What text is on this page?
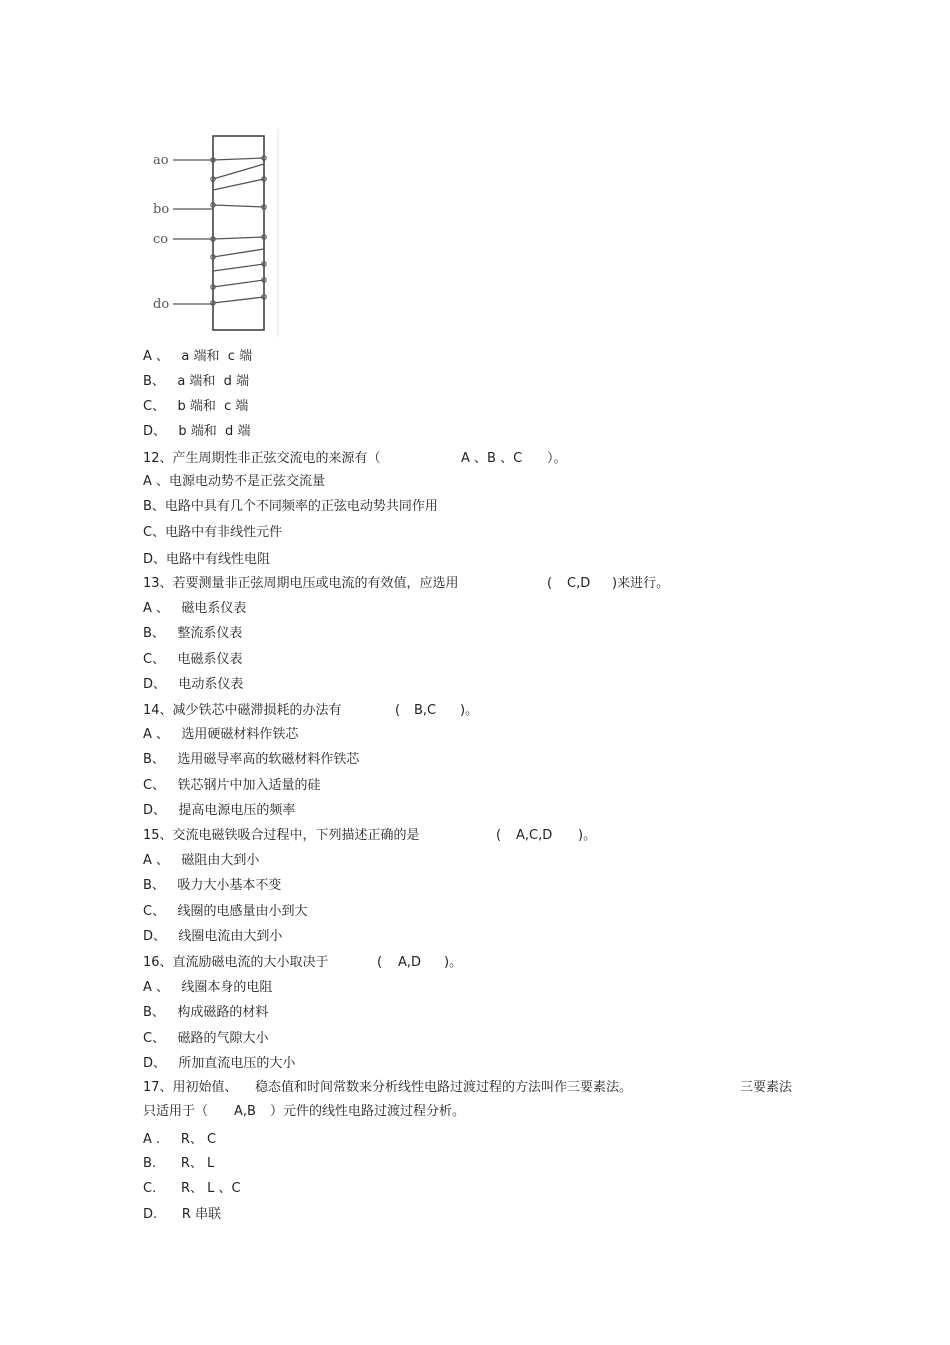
ao
bo
co
do
A 、   a 端和  c 端
B、   a 端和  d 端
C、   b 端和  c 端
D、   b 端和  d 端
12、产生周期性非正弦交流电的来源有（	A 、B 、C ）。
A 、电源电动势不是正弦交流量
B、电路中具有几个不同频率的正弦电动势共同作用
C、电路中有非线性元件
D、电路中有线性电阻
13、若要测量非正弦周期电压或电流的有效值，应选用	( C,D )来进行。
A 、   磁电系仪表
B、   整流系仪表
C、   电磁系仪表
D、   电动系仪表
14、减少铁芯中磁滞损耗的办法有	( B,C )。
A 、   选用硬磁材料作铁芯
B、   选用磁导率高的软磁材料作铁芯
C、   铁芯钢片中加入适量的硅
D、   提高电源电压的频率
15、交流电磁铁吸合过程中，下列描述正确的是	( A,C,D )。
A 、   磁阻由大到小
B、   吸力大小基本不变
C、   线圈的电感量由小到大
D、   线圈电流由大到小
16、直流励磁电流的大小取决于	( A,D )。
A 、   线圈本身的电阻
B、   构成磁路的材料
C、   磁路的气隙大小
D、   所加直流电压的大小
17、用初始值、 稳态值和时间常数来分析线性电路过渡过程的方法叫作三要素法。	三要素法
只适用于（ A,B ）元件的线性电路过渡过程分析。
A .     R、 C
B.      R、 L
C.      R、 L 、C
D.      R 串联
